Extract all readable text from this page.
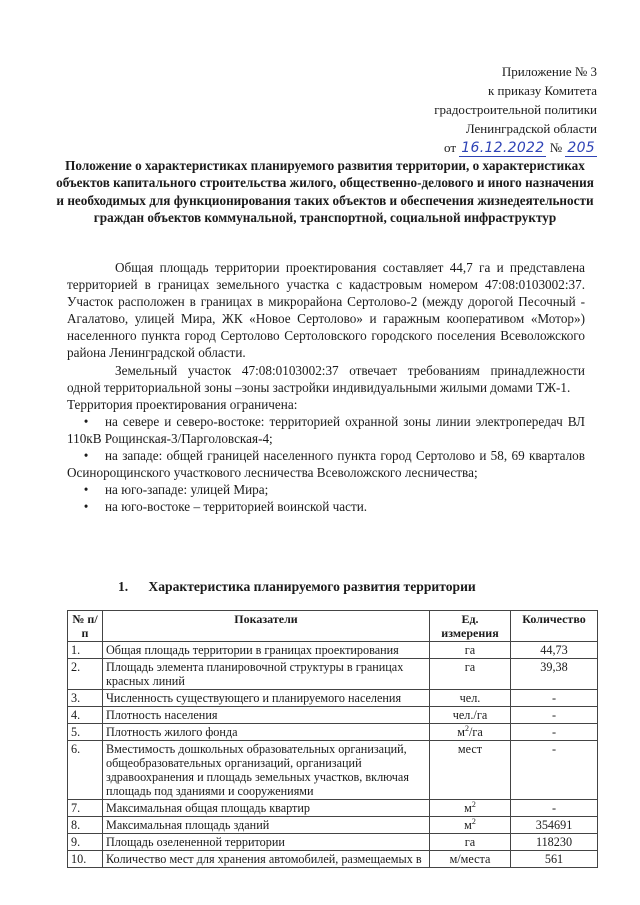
Приложение № 3
к приказу Комитета
градостроительной политики
Ленинградской области
от 16.12.2022 № 205
Положение о характеристиках планируемого развития территории, о характеристиках объектов капитального строительства жилого, общественно-делового и иного назначения и необходимых для функционирования таких объектов и обеспечения жизнедеятельности граждан объектов коммунальной, транспортной, социальной инфраструктур

Общая площадь территории проектирования составляет 44,7 га и представлена территорией в границах земельного участка с кадастровым номером 47:08:0103002:37. Участок расположен в границах в микрорайона Сертолово-2 (между дорогой Песочный - Агалатово, улицей Мира, ЖК «Новое Сертолово» и гаражным кооперативом «Мотор») населенного пункта город Сертолово Сертоловского городского поселения Всеволожского района Ленинградской области.

Земельный участок 47:08:0103002:37 отвечает требованиям принадлежности одной территориальной зоны –зоны застройки индивидуальными жилыми домами ТЖ-1.

Территория проектирования ограничена:

•	на севере и северо-востоке: территорией охранной зоны линии электропередач ВЛ 110кВ Рощинская-3/Парголовская-4;
•	на западе: общей границей населенного пункта город Сертолово и 58, 69 кварталов Осинорощинского участкового лесничества Всеволожского лесничества;
•	на юго-западе: улицей Мира;
•	на юго-востоке – территорией воинской части.
1. Характеристика планируемого развития территории
№ п/п	Показатели	Ед. измерения	Количество
1.	Общая площадь территории в границах проектирования	га	44,73
2.	Площадь элемента планировочной структуры в границах красных линий	га	39,38
3.	Численность существующего и планируемого населения	чел.	-
4.	Плотность населения	чел./га	-
5.	Плотность жилого фонда	$м^2/га$	-
6.	Вместимость дошкольных образовательных организаций, общеобразовательных организаций, организаций здравоохранения и площадь земельных участков, включая площадь под зданиями и сооружениями	мест	-
7.	Максимальная общая площадь квартир	$м^2$	-
8.	Максимальная площадь зданий	$м^2$	354691
9.	Площадь озелененной территории	га	118230
10.	Количество мест для хранения автомобилей, размещаемых в	м/места	561
